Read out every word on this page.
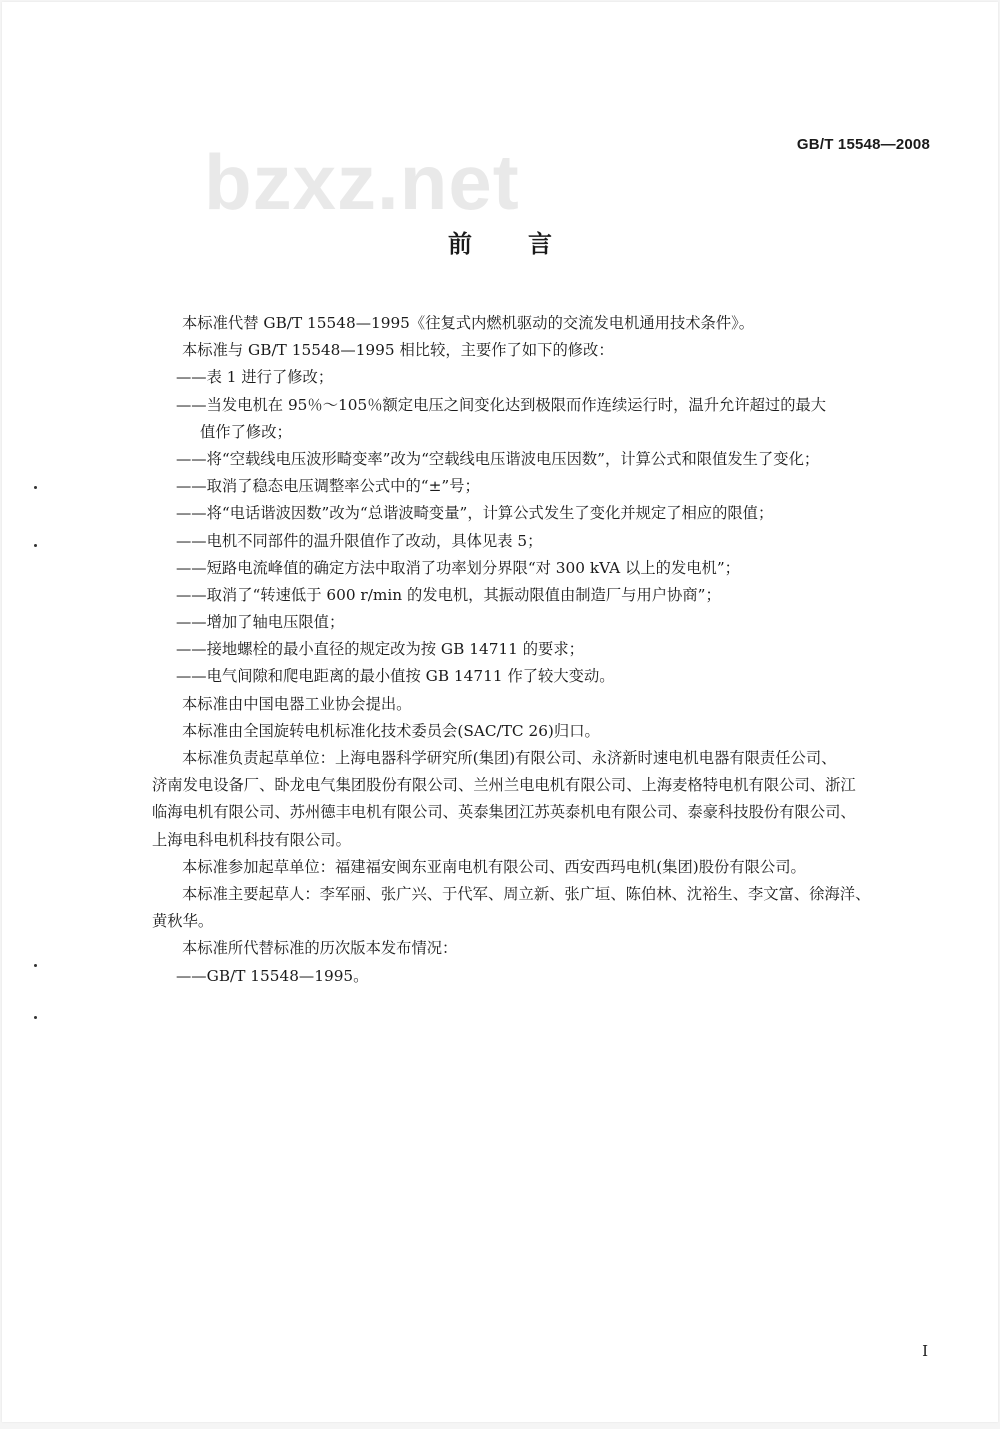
GB/T 15548—2008
bzxz.net
前言
本标准代替 GB/T 15548—1995《往复式内燃机驱动的交流发电机通用技术条件》。
本标准与 GB/T 15548—1995 相比较，主要作了如下的修改：
——表 1 进行了修改；
——当发电机在 95％～105％额定电压之间变化达到极限而作连续运行时，温升允许超过的最大
值作了修改；
——将“空载线电压波形畸变率”改为“空载线电压谐波电压因数”，计算公式和限值发生了变化；
——取消了稳态电压调整率公式中的“±”号；
——将“电话谐波因数”改为“总谐波畸变量”，计算公式发生了变化并规定了相应的限值；
——电机不同部件的温升限值作了改动，具体见表 5；
——短路电流峰值的确定方法中取消了功率划分界限“对 300 kVA 以上的发电机”；
——取消了“转速低于 600 r/min 的发电机，其振动限值由制造厂与用户协商”；
——增加了轴电压限值；
——接地螺栓的最小直径的规定改为按 GB 14711 的要求；
——电气间隙和爬电距离的最小值按 GB 14711 作了较大变动。
本标准由中国电器工业协会提出。
本标准由全国旋转电机标准化技术委员会(SAC/TC 26)归口。
本标准负责起草单位：上海电器科学研究所(集团)有限公司、永济新时速电机电器有限责任公司、
济南发电设备厂、卧龙电气集团股份有限公司、兰州兰电电机有限公司、上海麦格特电机有限公司、浙江
临海电机有限公司、苏州德丰电机有限公司、英泰集团江苏英泰机电有限公司、泰豪科技股份有限公司、
上海电科电机科技有限公司。
本标准参加起草单位：福建福安闽东亚南电机有限公司、西安西玛电机(集团)股份有限公司。
本标准主要起草人：李军丽、张广兴、于代军、周立新、张广垣、陈伯林、沈裕生、李文富、徐海洋、
黄秋华。
本标准所代替标准的历次版本发布情况：
——GB/T 15548—1995。
I
